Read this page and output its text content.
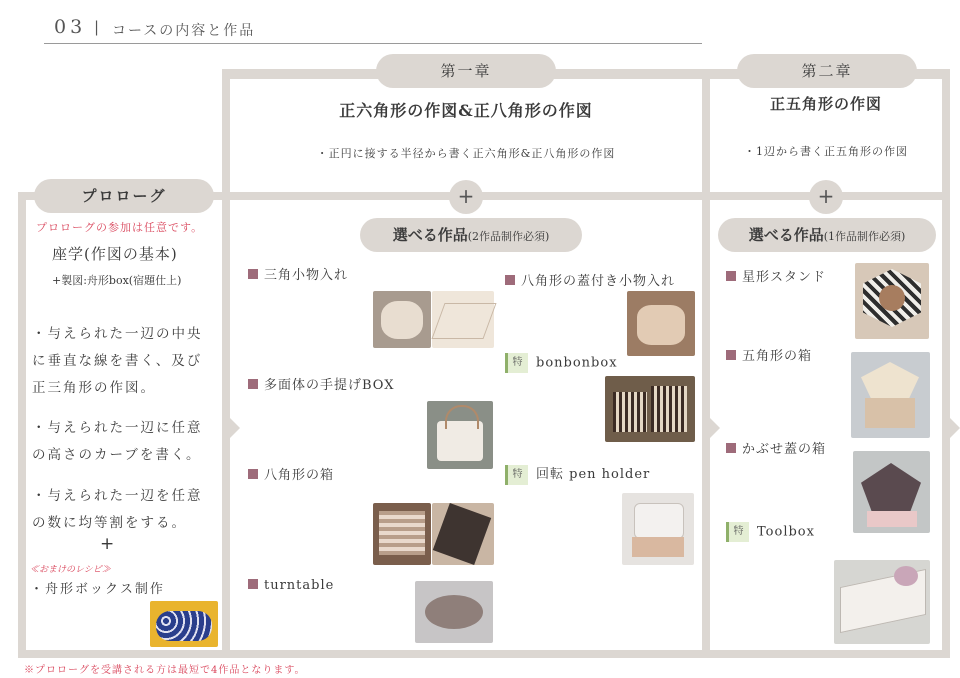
03 | コースの内容と作品
第一章
正六角形の作図&正八角形の作図
・正円に接する半径から書く正六角形&正八角形の作図
+
第二章
正五角形の作図
・1辺から書く正五角形の作図
+
プロローグ
選べる作品(2作品制作必須)	選べる作品(1作品制作必須)
プロローグの参加は任意です。
座学(作図の基本)
+製図:舟形box(宿題仕上)
・与えられた一辺の中央
に垂直な線を書く、及び
正三角形の作図。
・与えられた一辺に任意
の高さのカーブを書く。
・与えられた一辺を任意
の数に均等割をする。
+
≪おまけのレシピ≫
・舟形ボックス制作
三角小物入れ
多面体の手提げBOX
八角形の箱
turntable
八角形の蓋付き小物入れ
特 bonbonbox
特 回転 pen holder
星形スタンド
五角形の箱
かぶせ蓋の箱
特 Toolbox
※プロローグを受講される方は最短で4作品となります。
